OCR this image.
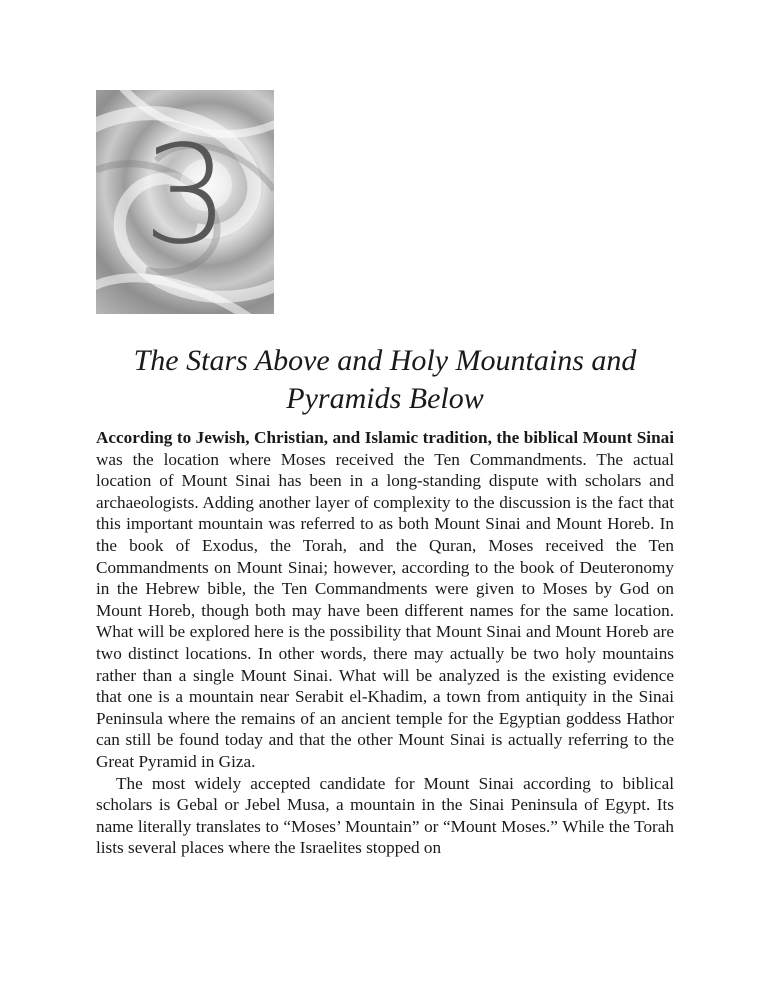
3
The Stars Above and Holy Mountains and Pyramids Below

According to Jewish, Christian, and Islamic tradition, the biblical Mount Sinai was the location where Moses received the Ten Commandments. The actual location of Mount Sinai has been in a long-standing dispute with scholars and archaeologists. Adding another layer of complexity to the discussion is the fact that this important mountain was referred to as both Mount Sinai and Mount Horeb. In the book of Exodus, the Torah, and the Quran, Moses received the Ten Commandments on Mount Sinai; however, according to the book of Deuteronomy in the Hebrew bible, the Ten Commandments were given to Moses by God on Mount Horeb, though both may have been different names for the same location. What will be explored here is the possibility that Mount Sinai and Mount Horeb are two distinct locations. In other words, there may actually be two holy mountains rather than a single Mount Sinai. What will be analyzed is the existing evidence that one is a mountain near Serabit el-Khadim, a town from antiquity in the Sinai Peninsula where the remains of an ancient temple for the Egyptian goddess Hathor can still be found today and that the other Mount Sinai is actually referring to the Great Pyramid in Giza.

The most widely accepted candidate for Mount Sinai according to biblical scholars is Gebal or Jebel Musa, a mountain in the Sinai Peninsula of Egypt. Its name literally translates to “Moses’ Mountain” or “Mount Moses.” While the Torah lists several places where the Israelites stopped on
